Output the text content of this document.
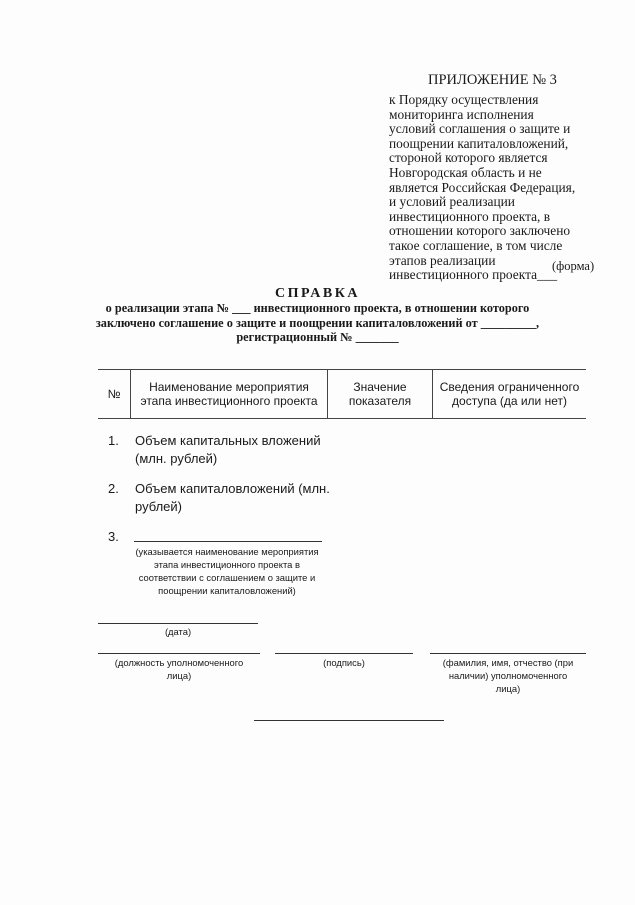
ПРИЛОЖЕНИЕ № 3
к Порядку осуществления
мониторинга исполнения
условий соглашения о защите и
поощрении капиталовложений,
стороной которого является
Новгородская область и не
является Российская Федерация,
и условий реализации
инвестиционного проекта, в
отношении которого заключено
такое соглашение, в том числе
этапов реализации
инвестиционного проекта___
(форма)
СПРАВКА
о реализации этапа № ___ инвестиционного проекта, в отношении которого
заключено соглашение о защите и поощрении капиталовложений от _________,
регистрационный № _______
№	Наименование мероприятия этапа инвестиционного проекта	Значение показателя	Сведения ограниченного доступа (да или нет)
1. Объем капитальных вложений
(млн. рублей)
2. Объем капиталовложений (млн.
рублей)
3.
(указывается наименование мероприятия
этапа инвестиционного проекта в
соответствии с соглашением о защите и
поощрении капиталовложений)
(дата)
(должность уполномоченного
лица)
(подпись)	(фамилия, имя, отчество (при
наличии) уполномоченного
лица)
